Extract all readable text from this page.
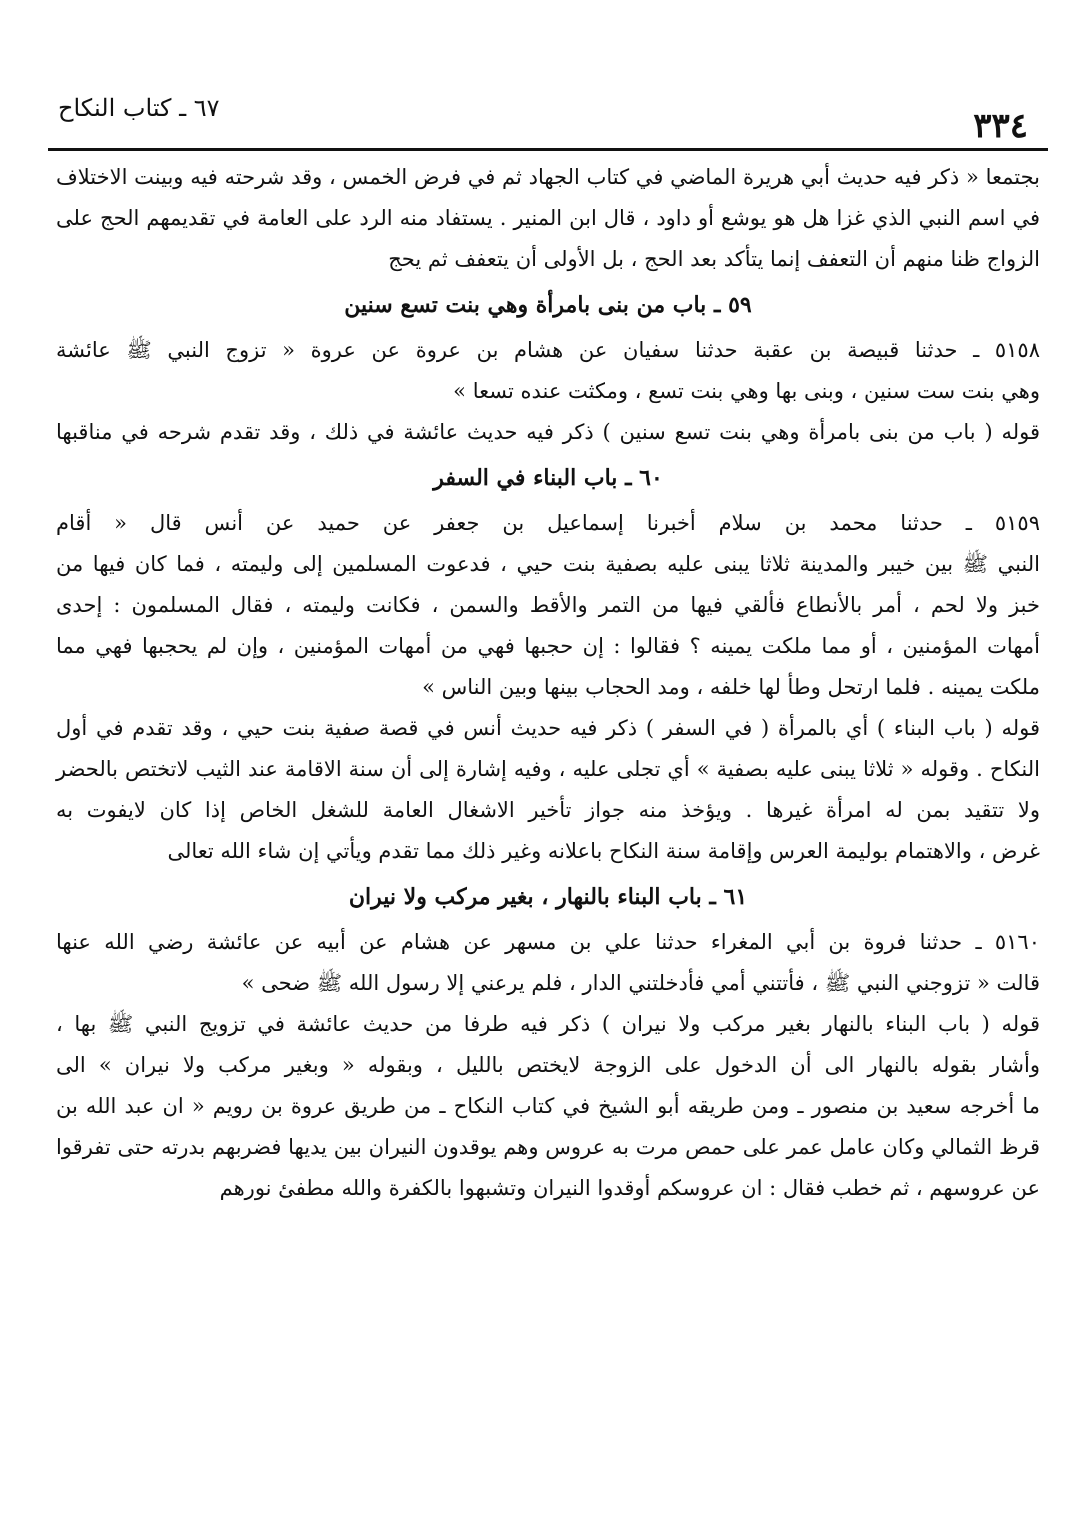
٣٣٤
٦٧ ـ كتاب النكاح
بجتمعا « ذكر فيه حديث أبي هريرة الماضي في كتاب الجهاد ثم في فرض الخمس ، وقد شرحته فيه وبينت الاختلاف
في اسم النبي الذي غزا هل هو يوشع أو داود ، قال ابن المنير . يستفاد منه الرد على العامة في تقديمهم الحج على
الزواج ظنا منهم أن التعفف إنما يتأكد بعد الحج ، بل الأولى أن يتعفف ثم يحج
٥٩ ـ باب من بنى بامرأة وهي بنت تسع سنين
٥١٥٨ ـ حدثنا قبيصة بن عقبة حدثنا سفيان عن هشام بن عروة عن عروة « تزوج النبي ﷺ عائشة
وهي بنت ست سنين ، وبنى بها وهي بنت تسع ، ومكثت عنده تسعا »
قوله ( باب من بنى بامرأة وهي بنت تسع سنين ) ذكر فيه حديث عائشة في ذلك ، وقد تقدم شرحه في مناقبها
٦٠ ـ باب البناء في السفر
٥١٥٩ ـ حدثنا محمد بن سلام أخبرنا إسماعيل بن جعفر عن حميد عن أنس قال « أقام
النبي ﷺ بين خيبر والمدينة ثلاثا يبنى عليه بصفية بنت حيي ، فدعوت المسلمين إلى وليمته ، فما كان فيها من
خبز ولا لحم ، أمر بالأنطاع فألقي فيها من التمر والأقط والسمن ، فكانت وليمته ، فقال المسلمون : إحدى
أمهات المؤمنين ، أو مما ملكت يمينه ؟ فقالوا : إن حجبها فهي من أمهات المؤمنين ، وإن لم يحجبها فهي مما
ملكت يمينه . فلما ارتحل وطأ لها خلفه ، ومد الحجاب بينها وبين الناس »
قوله ( باب البناء ) أي بالمرأة ( في السفر ) ذكر فيه حديث أنس في قصة صفية بنت حيي ، وقد تقدم في أول
النكاح . وقوله « ثلاثا يبنى عليه بصفية » أي تجلى عليه ، وفيه إشارة إلى أن سنة الاقامة عند الثيب لاتختص بالحضر
ولا تتقيد بمن له امرأة غيرها . ويؤخذ منه جواز تأخير الاشغال العامة للشغل الخاص إذا كان لايفوت به
غرض ، والاهتمام بوليمة العرس وإقامة سنة النكاح باعلانه وغير ذلك مما تقدم ويأتي إن شاء الله تعالى
٦١ ـ باب البناء بالنهار ، بغير مركب ولا نيران
٥١٦٠ ـ حدثنا فروة بن أبي المغراء حدثنا علي بن مسهر عن هشام عن أبيه عن عائشة رضي الله عنها
قالت « تزوجني النبي ﷺ ، فأتتني أمي فأدخلتني الدار ، فلم يرعني إلا رسول الله ﷺ ضحى »
قوله ( باب البناء بالنهار بغير مركب ولا نيران ) ذكر فيه طرفا من حديث عائشة في تزويج النبي ﷺ بها ،
وأشار بقوله بالنهار الى أن الدخول على الزوجة لايختص بالليل ، وبقوله « وبغير مركب ولا نيران » الى
ما أخرجه سعيد بن منصور ـ ومن طريقه أبو الشيخ في كتاب النكاح ـ من طريق عروة بن رويم « ان عبد الله بن
قرظ الثمالي وكان عامل عمر على حمص مرت به عروس وهم يوقدون النيران بين يديها فضربهم بدرته حتى تفرقوا
عن عروسهم ، ثم خطب فقال : ان عروسكم أوقدوا النيران وتشبهوا بالكفرة والله مطفئ نورهم
